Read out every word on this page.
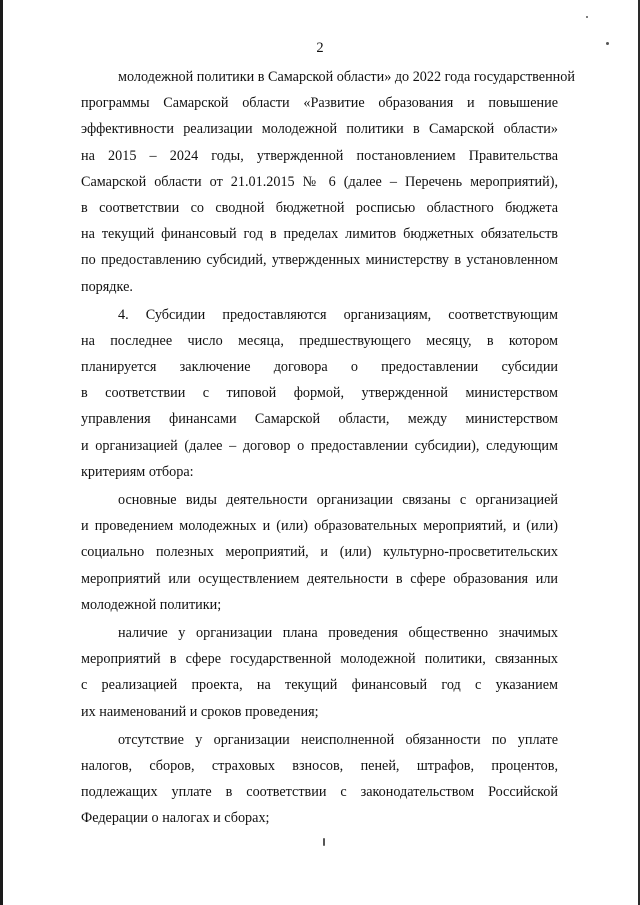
2
молодежной политики в Самарской области» до 2022 года государственной
программы Самарской области «Развитие образования и повышение
эффективности реализации молодежной политики в Самарской области»
на 2015 – 2024 годы, утвержденной постановлением Правительства
Самарской области от 21.01.2015 № 6 (далее – Перечень мероприятий),
в соответствии со сводной бюджетной росписью областного бюджета
на текущий финансовый год в пределах лимитов бюджетных обязательств
по предоставлению субсидий, утвержденных министерству в установленном
порядке.
4. Субсидии предоставляются организациям, соответствующим
на последнее число месяца, предшествующего месяцу, в котором
планируется заключение договора о предоставлении субсидии
в соответствии с типовой формой, утвержденной министерством
управления финансами Самарской области, между министерством
и организацией (далее – договор о предоставлении субсидии), следующим
критериям отбора:
основные виды деятельности организации связаны с организацией
и проведением молодежных и (или) образовательных мероприятий, и (или)
социально полезных мероприятий, и (или) культурно-просветительских
мероприятий или осуществлением деятельности в сфере образования или
молодежной политики;
наличие у организации плана проведения общественно значимых
мероприятий в сфере государственной молодежной политики, связанных
с реализацией проекта, на текущий финансовый год с указанием
их наименований и сроков проведения;
отсутствие у организации неисполненной обязанности по уплате
налогов, сборов, страховых взносов, пеней, штрафов, процентов,
подлежащих уплате в соответствии с законодательством Российской
Федерации о налогах и сборах;
